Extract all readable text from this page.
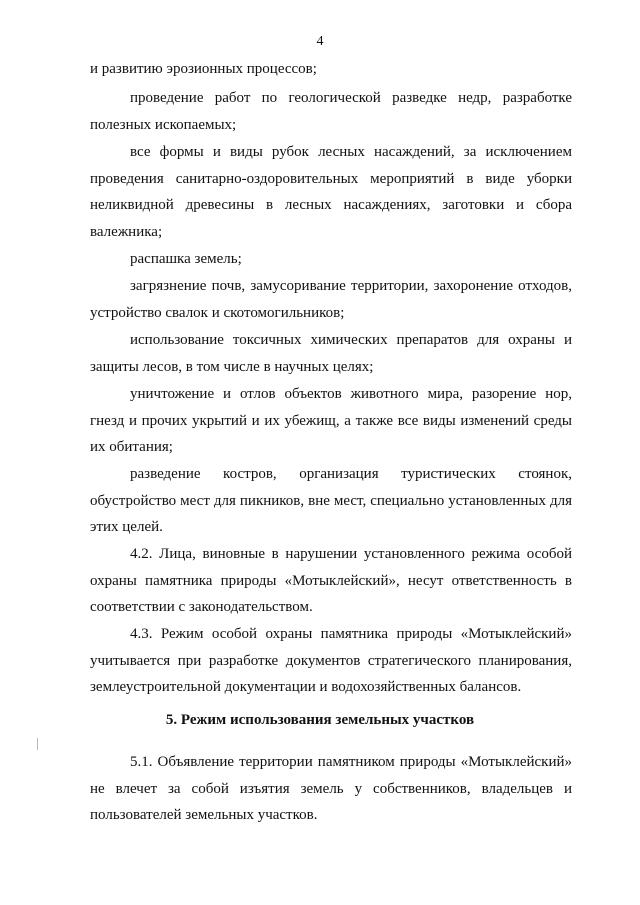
4

и развитию эрозионных процессов;

проведение работ по геологической разведке недр, разработке полезных ископаемых;

все формы и виды рубок лесных насаждений, за исключением проведения санитарно-оздоровительных мероприятий в виде уборки неликвидной древесины в лесных насаждениях, заготовки и сбора валежника;

распашка земель;

загрязнение почв, замусоривание территории, захоронение отходов, устройство свалок и скотомогильников;

использование токсичных химических препаратов для охраны и защиты лесов, в том числе в научных целях;

уничтожение и отлов объектов животного мира, разорение нор, гнезд и прочих укрытий и их убежищ, а также все виды изменений среды их обитания;

разведение костров, организация туристических стоянок, обустройство мест для пикников, вне мест, специально установленных для этих целей.

4.2. Лица, виновные в нарушении установленного режима особой охраны памятника природы «Мотыклейский», несут ответственность в соответствии с законодательством.

4.3. Режим особой охраны памятника природы «Мотыклейский» учитывается при разработке документов стратегического планирования, землеустроительной документации и водохозяйственных балансов.

5. Режим использования земельных участков

5.1. Объявление территории памятником природы «Мотыклейский» не влечет за собой изъятия земель у собственников, владельцев и пользователей земельных участков.
